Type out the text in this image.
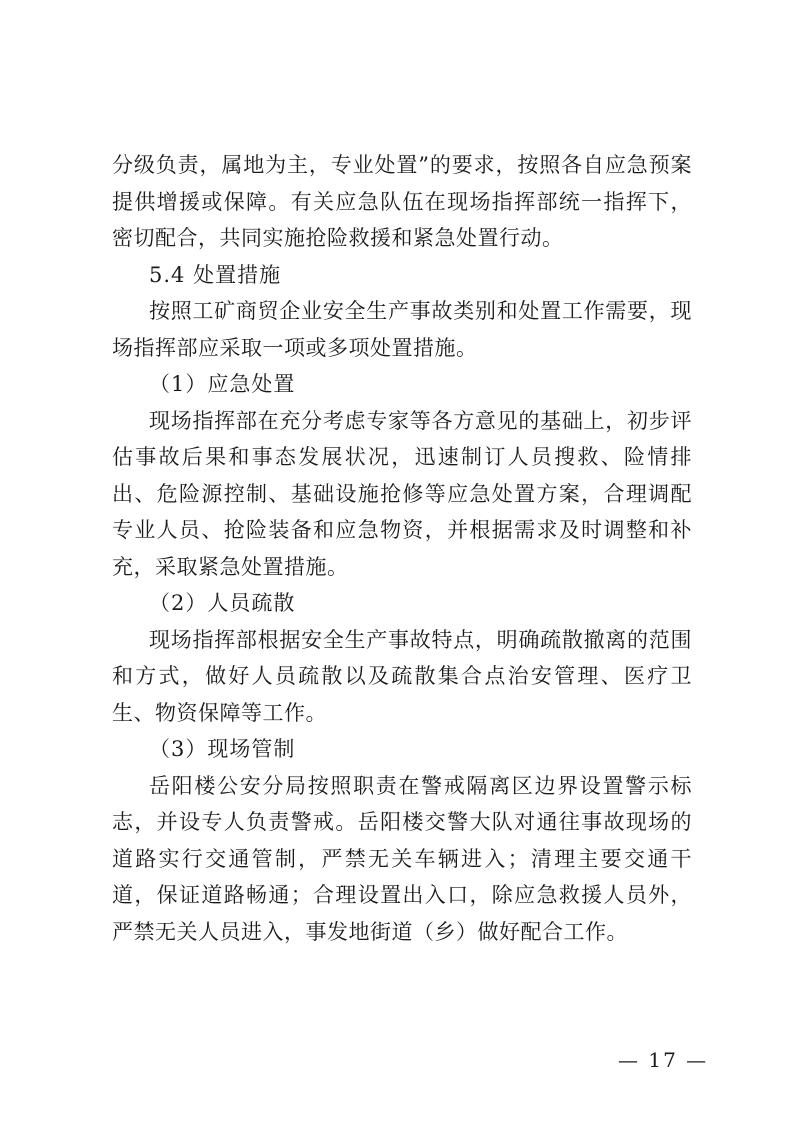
分级负责，属地为主，专业处置”的要求，按照各自应急预案提供增援或保障。有关应急队伍在现场指挥部统一指挥下，密切配合，共同实施抢险救援和紧急处置行动。

5.4 处置措施

按照工矿商贸企业安全生产事故类别和处置工作需要，现场指挥部应采取一项或多项处置措施。

（1）应急处置

现场指挥部在充分考虑专家等各方意见的基础上，初步评估事故后果和事态发展状况，迅速制订人员搜救、险情排出、危险源控制、基础设施抢修等应急处置方案，合理调配专业人员、抢险装备和应急物资，并根据需求及时调整和补充，采取紧急处置措施。

（2）人员疏散

现场指挥部根据安全生产事故特点，明确疏散撤离的范围和方式，做好人员疏散以及疏散集合点治安管理、医疗卫生、物资保障等工作。

（3）现场管制

岳阳楼公安分局按照职责在警戒隔离区边界设置警示标志，并设专人负责警戒。岳阳楼交警大队对通往事故现场的道路实行交通管制，严禁无关车辆进入；清理主要交通干道，保证道路畅通；合理设置出入口，除应急救援人员外，严禁无关人员进入，事发地街道（乡）做好配合工作。

— 17 —
